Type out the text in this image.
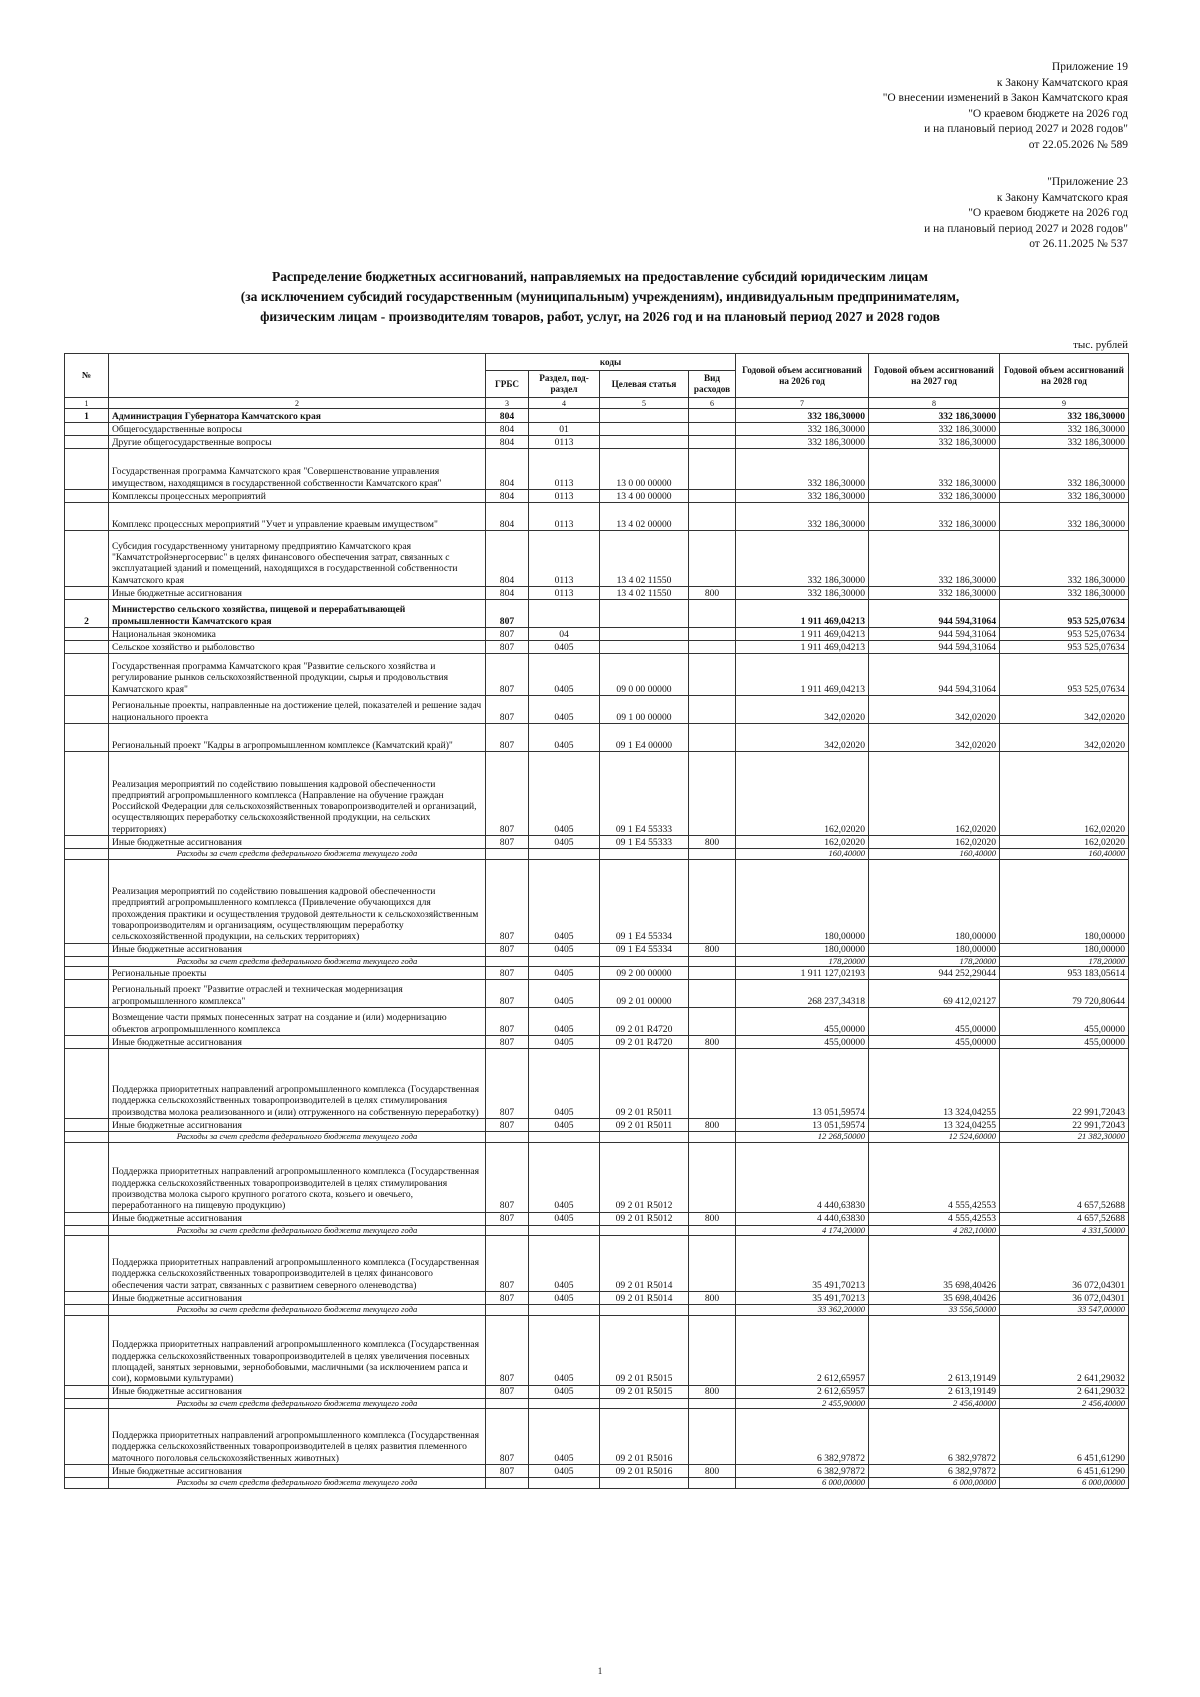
Приложение 19
к Закону Камчатского края
"О внесении изменений в Закон Камчатского края
"О краевом бюджете на 2026 год
и на плановый период 2027 и 2028 годов"
от 22.05.2026 № 589
"Приложение 23
к Закону Камчатского края
"О краевом бюджете на 2026 год
и на плановый период 2027 и 2028 годов"
от 26.11.2025 № 537
Распределение бюджетных ассигнований, направляемых на предоставление субсидий юридическим лицам
(за исключением субсидий государственным (муниципальным) учреждениям), индивидуальным предпринимателям,
физическим лицам - производителям товаров, работ, услуг, на 2026 год и на плановый период 2027 и 2028 годов
тыс. рублей
№		коды				Годовой объем ассигнований на 2026 год	Годовой объем ассигнований на 2027 год	Годовой объем ассигнований на 2028 год
		ГРБС	Раздел, под-раздел	Целевая статья	Вид расходов			
1	2	3	4	5	6	7	8	9
1	Администрация Губернатора Камчатского края	804				332 186,30000	332 186,30000	332 186,30000
	Общегосударственные вопросы	804	01			332 186,30000	332 186,30000	332 186,30000
	Другие общегосударственные вопросы	804	0113			332 186,30000	332 186,30000	332 186,30000
	Государственная программа Камчатского края "Совершенствование управления имуществом, находящимся в государственной собственности Камчатского края"	804	0113	13 0 00 00000		332 186,30000	332 186,30000	332 186,30000
	Комплексы процессных мероприятий	804	0113	13 4 00 00000		332 186,30000	332 186,30000	332 186,30000
	Комплекс процессных мероприятий "Учет и управление краевым имуществом"	804	0113	13 4 02 00000		332 186,30000	332 186,30000	332 186,30000
	Субсидия государственному унитарному предприятию Камчатского края "Камчатстройэнергосервис" в целях финансового обеспечения затрат, связанных с эксплуатацией зданий и помещений, находящихся в государственной собственности Камчатского края	804	0113	13 4 02 11550		332 186,30000	332 186,30000	332 186,30000
	Иные бюджетные ассигнования	804	0113	13 4 02 11550	800	332 186,30000	332 186,30000	332 186,30000
2	Министерство сельского хозяйства, пищевой и перерабатывающей промышленности Камчатского края	807				1 911 469,04213	944 594,31064	953 525,07634
	Национальная экономика	807	04			1 911 469,04213	944 594,31064	953 525,07634
	Сельское хозяйство и рыболовство	807	0405			1 911 469,04213	944 594,31064	953 525,07634
	Государственная программа Камчатского края "Развитие сельского хозяйства и регулирование рынков сельскохозяйственной продукции, сырья и продовольствия Камчатского края"	807	0405	09 0 00 00000		1 911 469,04213	944 594,31064	953 525,07634
	Региональные проекты, направленные на достижение целей, показателей и решение задач национального проекта	807	0405	09 1 00 00000		342,02020	342,02020	342,02020
	Региональный проект "Кадры в агропромышленном комплексе (Камчатский край)"	807	0405	09 1 E4 00000		342,02020	342,02020	342,02020
	Реализация мероприятий по содействию повышения кадровой обеспеченности предприятий агропромышленного комплекса (Направление на обучение граждан Российской Федерации для сельскохозяйственных товаропроизводителей и организаций, осуществляющих переработку сельскохозяйственной продукции, на сельских территориях)	807	0405	09 1 E4 55333		162,02020	162,02020	162,02020
	Иные бюджетные ассигнования	807	0405	09 1 E4 55333	800	162,02020	162,02020	162,02020
	Расходы за счет средств федерального бюджета текущего года					160,40000	160,40000	160,40000
	Реализация мероприятий по содействию повышения кадровой обеспеченности предприятий агропромышленного комплекса (Привлечение обучающихся для прохождения практики и осуществления трудовой деятельности к сельскохозяйственным товаропроизводителям и организациям, осуществляющим переработку сельскохозяйственной продукции, на сельских территориях)	807	0405	09 1 E4 55334		180,00000	180,00000	180,00000
	Иные бюджетные ассигнования	807	0405	09 1 E4 55334	800	180,00000	180,00000	180,00000
	Расходы за счет средств федерального бюджета текущего года					178,20000	178,20000	178,20000
	Региональные проекты	807	0405	09 2 00 00000		1 911 127,02193	944 252,29044	953 183,05614
	Региональный проект "Развитие отраслей и техническая модернизация агропромышленного комплекса"	807	0405	09 2 01 00000		268 237,34318	69 412,02127	79 720,80644
	Возмещение части прямых понесенных затрат на создание и (или) модернизацию объектов агропромышленного комплекса	807	0405	09 2 01 R4720		455,00000	455,00000	455,00000
	Иные бюджетные ассигнования	807	0405	09 2 01 R4720	800	455,00000	455,00000	455,00000
	Поддержка приоритетных направлений агропромышленного комплекса (Государственная поддержка сельскохозяйственных товаропроизводителей в целях стимулирования производства молока реализованного и (или) отгруженного на собственную переработку)	807	0405	09 2 01 R5011		13 051,59574	13 324,04255	22 991,72043
	Иные бюджетные ассигнования	807	0405	09 2 01 R5011	800	13 051,59574	13 324,04255	22 991,72043
	Расходы за счет средств федерального бюджета текущего года					12 268,50000	12 524,60000	21 382,30000
	Поддержка приоритетных направлений агропромышленного комплекса (Государственная поддержка сельскохозяйственных товаропроизводителей в целях стимулирования производства молока сырого крупного рогатого скота, козьего и овечьего, переработанного на пищевую продукцию)	807	0405	09 2 01 R5012		4 440,63830	4 555,42553	4 657,52688
	Иные бюджетные ассигнования	807	0405	09 2 01 R5012	800	4 440,63830	4 555,42553	4 657,52688
	Расходы за счет средств федерального бюджета текущего года					4 174,20000	4 282,10000	4 331,50000
	Поддержка приоритетных направлений агропромышленного комплекса (Государственная поддержка сельскохозяйственных товаропроизводителей в целях финансового обеспечения части затрат, связанных с развитием северного оленеводства)	807	0405	09 2 01 R5014		35 491,70213	35 698,40426	36 072,04301
	Иные бюджетные ассигнования	807	0405	09 2 01 R5014	800	35 491,70213	35 698,40426	36 072,04301
	Расходы за счет средств федерального бюджета текущего года					33 362,20000	33 556,50000	33 547,00000
	Поддержка приоритетных направлений агропромышленного комплекса (Государственная поддержка сельскохозяйственных товаропроизводителей в целях увеличения посевных площадей, занятых зерновыми, зернобобовыми, масличными (за исключением рапса и сои), кормовыми культурами)	807	0405	09 2 01 R5015		2 612,65957	2 613,19149	2 641,29032
	Иные бюджетные ассигнования	807	0405	09 2 01 R5015	800	2 612,65957	2 613,19149	2 641,29032
	Расходы за счет средств федерального бюджета текущего года					2 455,90000	2 456,40000	2 456,40000
	Поддержка приоритетных направлений агропромышленного комплекса (Государственная поддержка сельскохозяйственных товаропроизводителей в целях развития племенного маточного поголовья сельскохозяйственных животных)	807	0405	09 2 01 R5016		6 382,97872	6 382,97872	6 451,61290
	Иные бюджетные ассигнования	807	0405	09 2 01 R5016	800	6 382,97872	6 382,97872	6 451,61290
	Расходы за счет средств федерального бюджета текущего года					6 000,00000	6 000,00000	6 000,00000
1
